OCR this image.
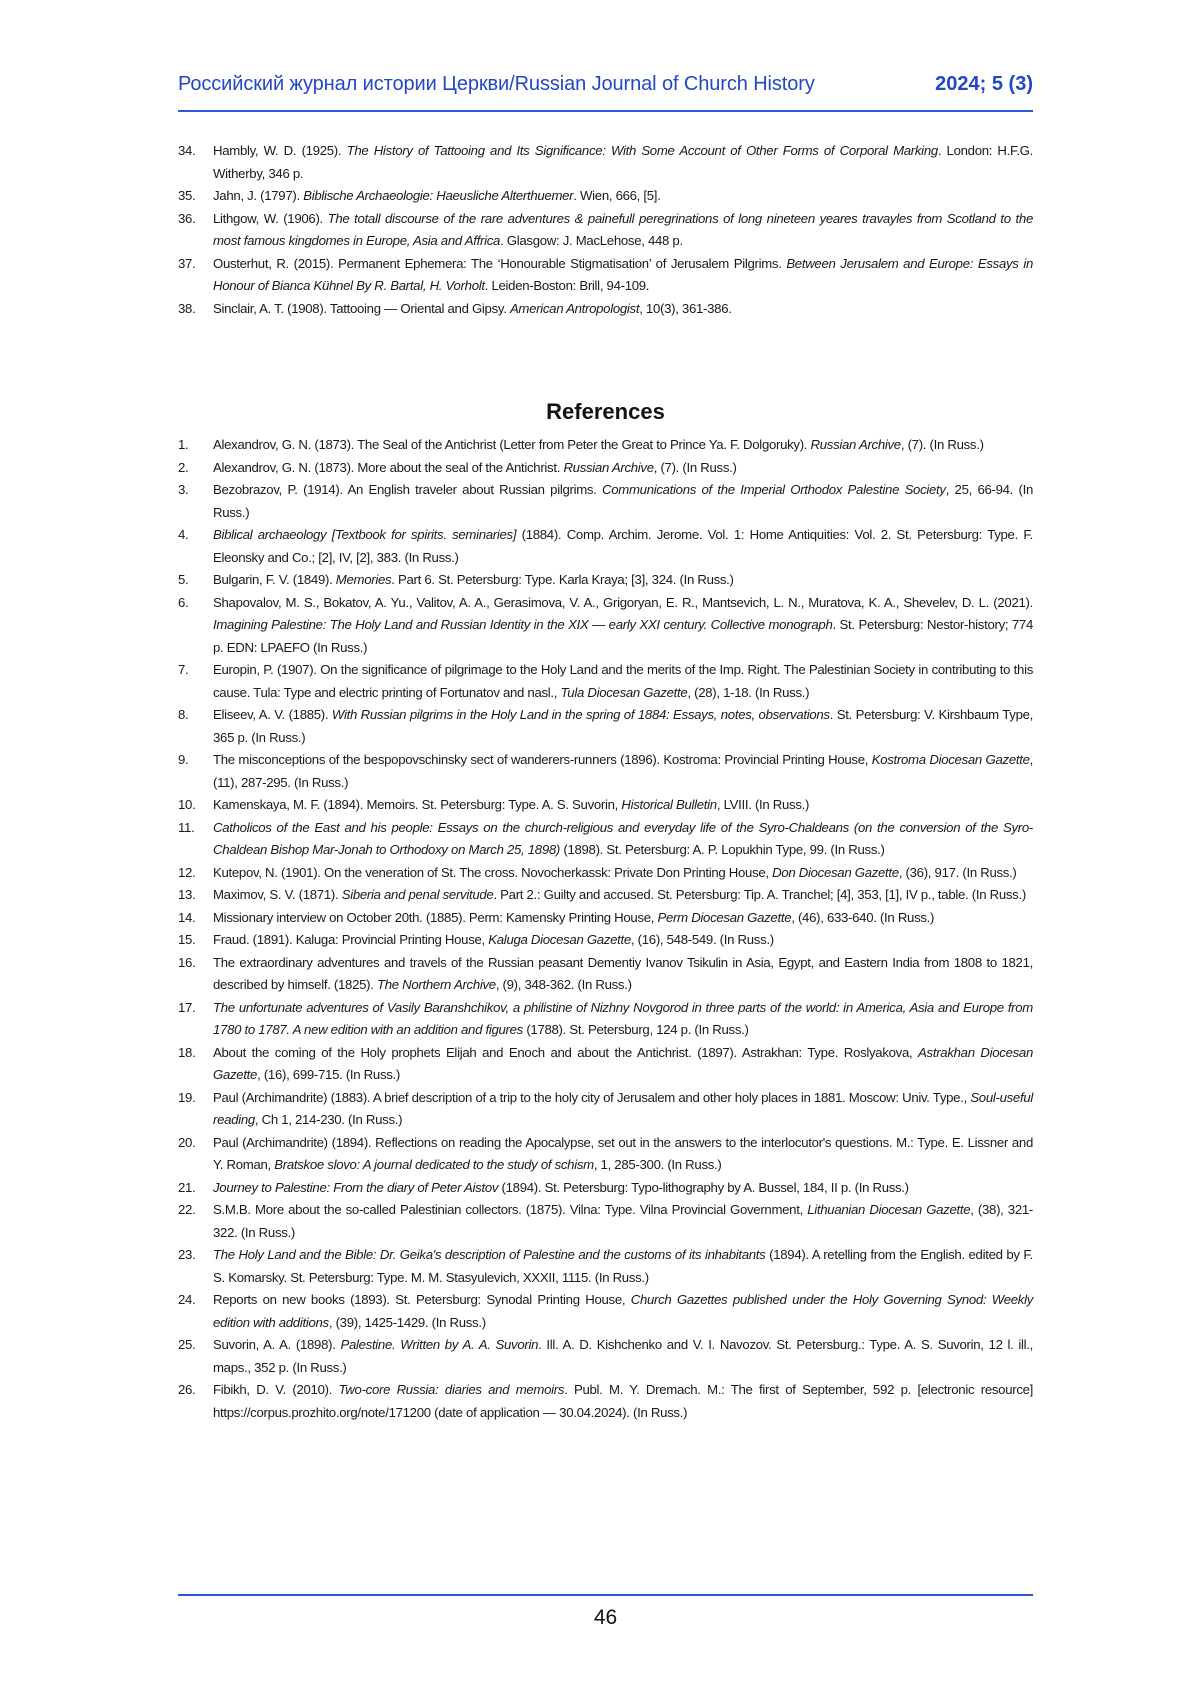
Российский журнал истории Церкви/Russian Journal of Church History	2024; 5 (3)
34. Hambly, W. D. (1925). The History of Tattooing and Its Significance: With Some Account of Other Forms of Corporal Marking. London: H.F.G. Witherby, 346 p.
35. Jahn, J. (1797). Biblische Archaeologie: Haeusliche Alterthuemer. Wien, 666, [5].
36. Lithgow, W. (1906). The totall discourse of the rare adventures & painefull peregrinations of long nineteen yeares travayles from Scotland to the most famous kingdomes in Europe, Asia and Affrica. Glasgow: J. MacLehose, 448 p.
37. Ousterhut, R. (2015). Permanent Ephemera: The ‘Honourable Stigmatisation’ of Jerusalem Pilgrims. Between Jerusalem and Europe: Essays in Honour of Bianca Kühnel By R. Bartal, H. Vorholt. Leiden-Boston: Brill, 94-109.
38. Sinclair, A. T. (1908). Tattooing — Oriental and Gipsy. American Antropologist, 10(3), 361-386.
References
1. Alexandrov, G. N. (1873). The Seal of the Antichrist (Letter from Peter the Great to Prince Ya. F. Dolgoruky). Russian Archive, (7). (In Russ.)
2. Alexandrov, G. N. (1873). More about the seal of the Antichrist. Russian Archive, (7). (In Russ.)
3. Bezobrazov, P. (1914). An English traveler about Russian pilgrims. Communications of the Imperial Orthodox Palestine Society, 25, 66-94. (In Russ.)
4. Biblical archaeology [Textbook for spirits. seminaries] (1884). Comp. Archim. Jerome. Vol. 1: Home Antiquities: Vol. 2. St. Petersburg: Type. F. Eleonsky and Co.; [2], IV, [2], 383. (In Russ.)
5. Bulgarin, F. V. (1849). Memories. Part 6. St. Petersburg: Type. Karla Kraya; [3], 324. (In Russ.)
6. Shapovalov, M. S., Bokatov, A. Yu., Valitov, A. A., Gerasimova, V. A., Grigoryan, E. R., Mantsevich, L. N., Muratova, K. A., Shevelev, D. L. (2021). Imagining Palestine: The Holy Land and Russian Identity in the XIX — early XXI century. Collective monograph. St. Petersburg: Nestor-history; 774 p. EDN: LPAEFO (In Russ.)
7. Europin, P. (1907). On the significance of pilgrimage to the Holy Land and the merits of the Imp. Right. The Palestinian Society in contributing to this cause. Tula: Type and electric printing of Fortunatov and nasl., Tula Diocesan Gazette, (28), 1-18. (In Russ.)
8. Eliseev, A. V. (1885). With Russian pilgrims in the Holy Land in the spring of 1884: Essays, notes, observations. St. Petersburg: V. Kirshbaum Type, 365 p. (In Russ.)
9. The misconceptions of the bespopovschinsky sect of wanderers-runners (1896). Kostroma: Provincial Printing House, Kostroma Diocesan Gazette, (11), 287-295. (In Russ.)
10. Kamenskaya, M. F. (1894). Memoirs. St. Petersburg: Type. A. S. Suvorin, Historical Bulletin, LVIII. (In Russ.)
11. Catholicos of the East and his people: Essays on the church-religious and everyday life of the Syro-Chaldeans (on the conversion of the Syro-Chaldean Bishop Mar-Jonah to Orthodoxy on March 25, 1898) (1898). St. Petersburg: A. P. Lopukhin Type, 99. (In Russ.)
12. Kutepov, N. (1901). On the veneration of St. The cross. Novocherkassk: Private Don Printing House, Don Diocesan Gazette, (36), 917. (In Russ.)
13. Maximov, S. V. (1871). Siberia and penal servitude. Part 2.: Guilty and accused. St. Petersburg: Tip. A. Tranchel; [4], 353, [1], IV p., table. (In Russ.)
14. Missionary interview on October 20th. (1885). Perm: Kamensky Printing House, Perm Diocesan Gazette, (46), 633-640. (In Russ.)
15. Fraud. (1891). Kaluga: Provincial Printing House, Kaluga Diocesan Gazette, (16), 548-549. (In Russ.)
16. The extraordinary adventures and travels of the Russian peasant Dementiy Ivanov Tsikulin in Asia, Egypt, and Eastern India from 1808 to 1821, described by himself. (1825). The Northern Archive, (9), 348-362. (In Russ.)
17. The unfortunate adventures of Vasily Baranshchikov, a philistine of Nizhny Novgorod in three parts of the world: in America, Asia and Europe from 1780 to 1787. A new edition with an addition and figures (1788). St. Petersburg, 124 p. (In Russ.)
18. About the coming of the Holy prophets Elijah and Enoch and about the Antichrist. (1897). Astrakhan: Type. Roslyakova, Astrakhan Diocesan Gazette, (16), 699-715. (In Russ.)
19. Paul (Archimandrite) (1883). A brief description of a trip to the holy city of Jerusalem and other holy places in 1881. Moscow: Univ. Type., Soul-useful reading, Ch 1, 214-230. (In Russ.)
20. Paul (Archimandrite) (1894). Reflections on reading the Apocalypse, set out in the answers to the interlocutor's questions. M.: Type. E. Lissner and Y. Roman, Bratskoe slovo: A journal dedicated to the study of schism, 1, 285-300. (In Russ.)
21. Journey to Palestine: From the diary of Peter Aistov (1894). St. Petersburg: Typo-lithography by A. Bussel, 184, II p. (In Russ.)
22. S.M.B. More about the so-called Palestinian collectors. (1875). Vilna: Type. Vilna Provincial Government, Lithuanian Diocesan Gazette, (38), 321-322. (In Russ.)
23. The Holy Land and the Bible: Dr. Geika's description of Palestine and the customs of its inhabitants (1894). A retelling from the English. edited by F. S. Komarsky. St. Petersburg: Type. M. M. Stasyulevich, XXXII, 1115. (In Russ.)
24. Reports on new books (1893). St. Petersburg: Synodal Printing House, Church Gazettes published under the Holy Governing Synod: Weekly edition with additions, (39), 1425-1429. (In Russ.)
25. Suvorin, A. A. (1898). Palestine. Written by A. A. Suvorin. Ill. A. D. Kishchenko and V. I. Navozov. St. Petersburg.: Type. A. S. Suvorin, 12 l. ill., maps., 352 p. (In Russ.)
26. Fibikh, D. V. (2010). Two-core Russia: diaries and memoirs. Publ. M. Y. Dremach. M.: The first of September, 592 p. [electronic resource] https://corpus.prozhito.org/note/171200 (date of application — 30.04.2024). (In Russ.)
46
